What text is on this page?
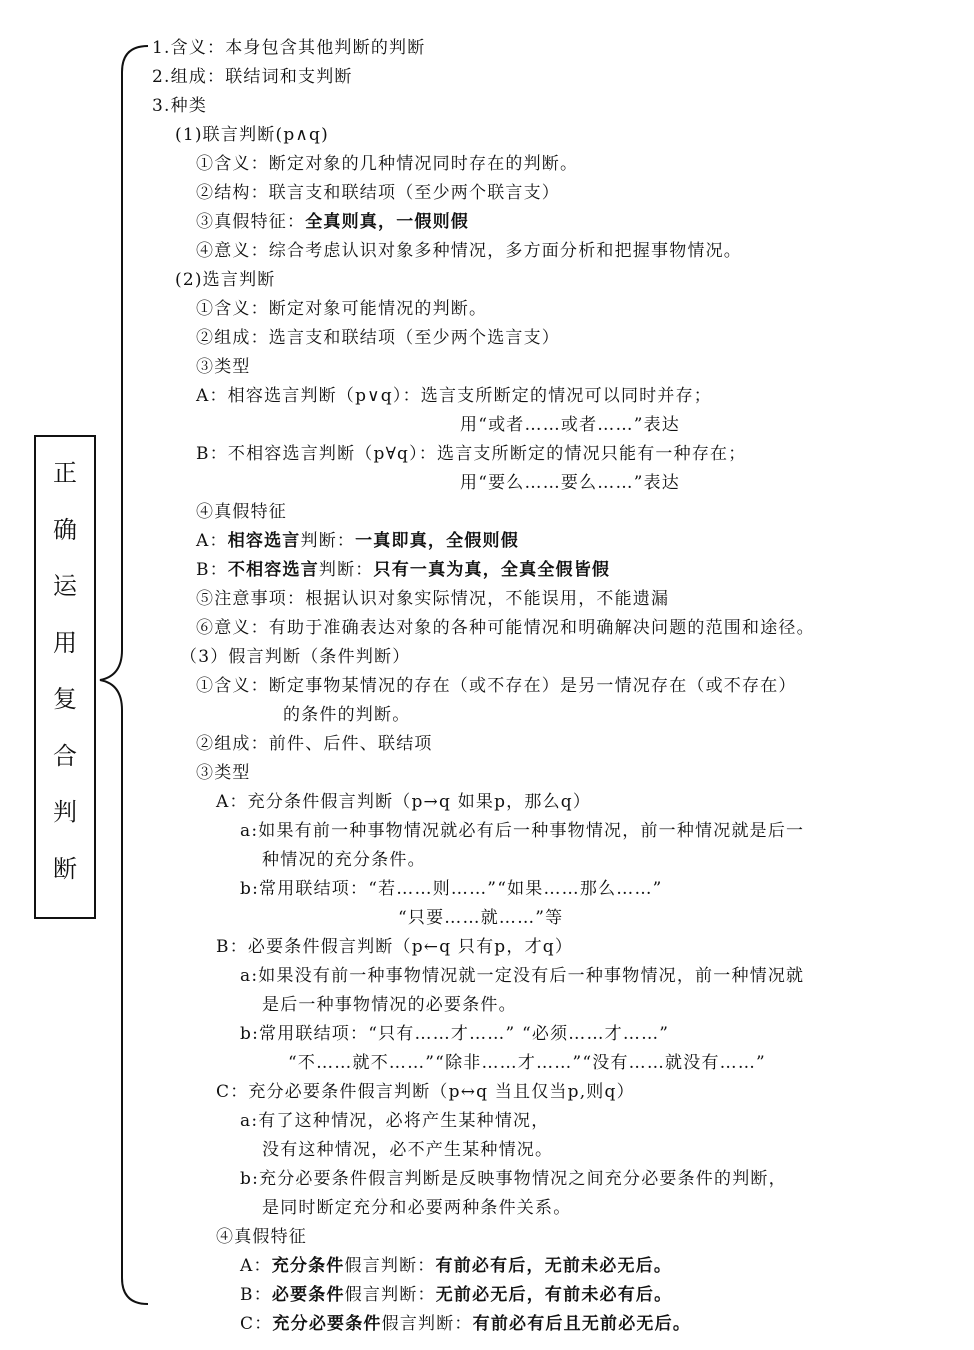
正
确
运
用
复
合
判
断
1.含义：本身包含其他判断的判断
2.组成：联结词和支判断
3.种类
(1)联言判断(p∧q)
①含义：断定对象的几种情况同时存在的判断。
②结构：联言支和联结项（至少两个联言支）
③真假特征：全真则真，一假则假
④意义：综合考虑认识对象多种情况，多方面分析和把握事物情况。
(2)选言判断
①含义：断定对象可能情况的判断。
②组成：选言支和联结项（至少两个选言支）
③类型
A：相容选言判断（p∨q）：选言支所断定的情况可以同时并存；
用“或者……或者……”表达
B：不相容选言判断（p∀q）：选言支所断定的情况只能有一种存在；
用“要么……要么……”表达
④真假特征
A：相容选言判断：一真即真，全假则假
B：不相容选言判断：只有一真为真，全真全假皆假
⑤注意事项：根据认识对象实际情况，不能误用，不能遗漏
⑥意义：有助于准确表达对象的各种可能情况和明确解决问题的范围和途径。
（3）假言判断（条件判断）
①含义：断定事物某情况的存在（或不存在）是另一情况存在（或不存在）
的条件的判断。
②组成：前件、后件、联结项
③类型
A：充分条件假言判断（p→q 如果p，那么q）
a:如果有前一种事物情况就必有后一种事物情况，前一种情况就是后一
种情况的充分条件。
b:常用联结项：“若……则……”“如果……那么……”
“只要……就……”等
B：必要条件假言判断（p←q 只有p，才q）
a:如果没有前一种事物情况就一定没有后一种事物情况，前一种情况就
是后一种事物情况的必要条件。
b:常用联结项：“只有……才……” “必须……才……”
“不……就不……”“除非……才……”“没有……就没有……”
C：充分必要条件假言判断（p↔q 当且仅当p,则q）
a:有了这种情况，必将产生某种情况，
没有这种情况，必不产生某种情况。
b:充分必要条件假言判断是反映事物情况之间充分必要条件的判断，
是同时断定充分和必要两种条件关系。
④真假特征
A：充分条件假言判断：有前必有后，无前未必无后。
B：必要条件假言判断：无前必无后，有前未必有后。
C：充分必要条件假言判断：有前必有后且无前必无后。
